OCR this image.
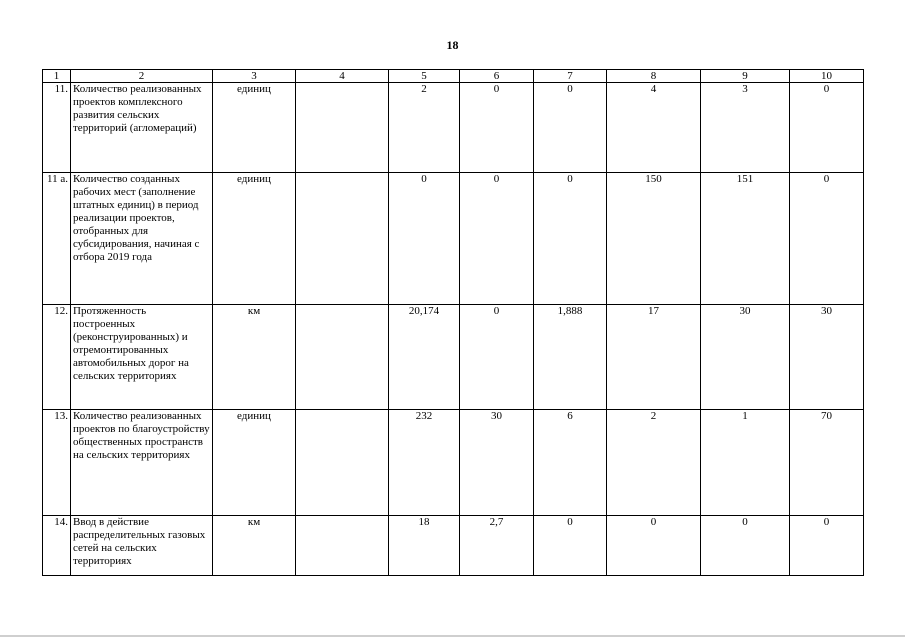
18
1	2	3	4	5	6	7	8	9	10
11.	Количество реализованных проектов комплексного развития сельских территорий (агломераций)	единиц		2	0	0	4	3	0

11 а.	Количество созданных рабочих мест (заполнение штатных единиц) в период реализации проектов, отобранных для субсидирования, начиная с отбора 2019 года	единиц		0	0	0	150	151	0
12.	Протяженность построенных (реконструированных) и отремонтированных автомобильных дорог на сельских территориях	км		20,174	0	1,888	17	30	30
13.	Количество реализованных проектов по благоустройству общественных пространств на сельских территориях	единиц		232	30	6	2	1	70
14.	Ввод в действие распределительных газовых сетей на сельских территориях	км		18	2,7	0	0	0	0
